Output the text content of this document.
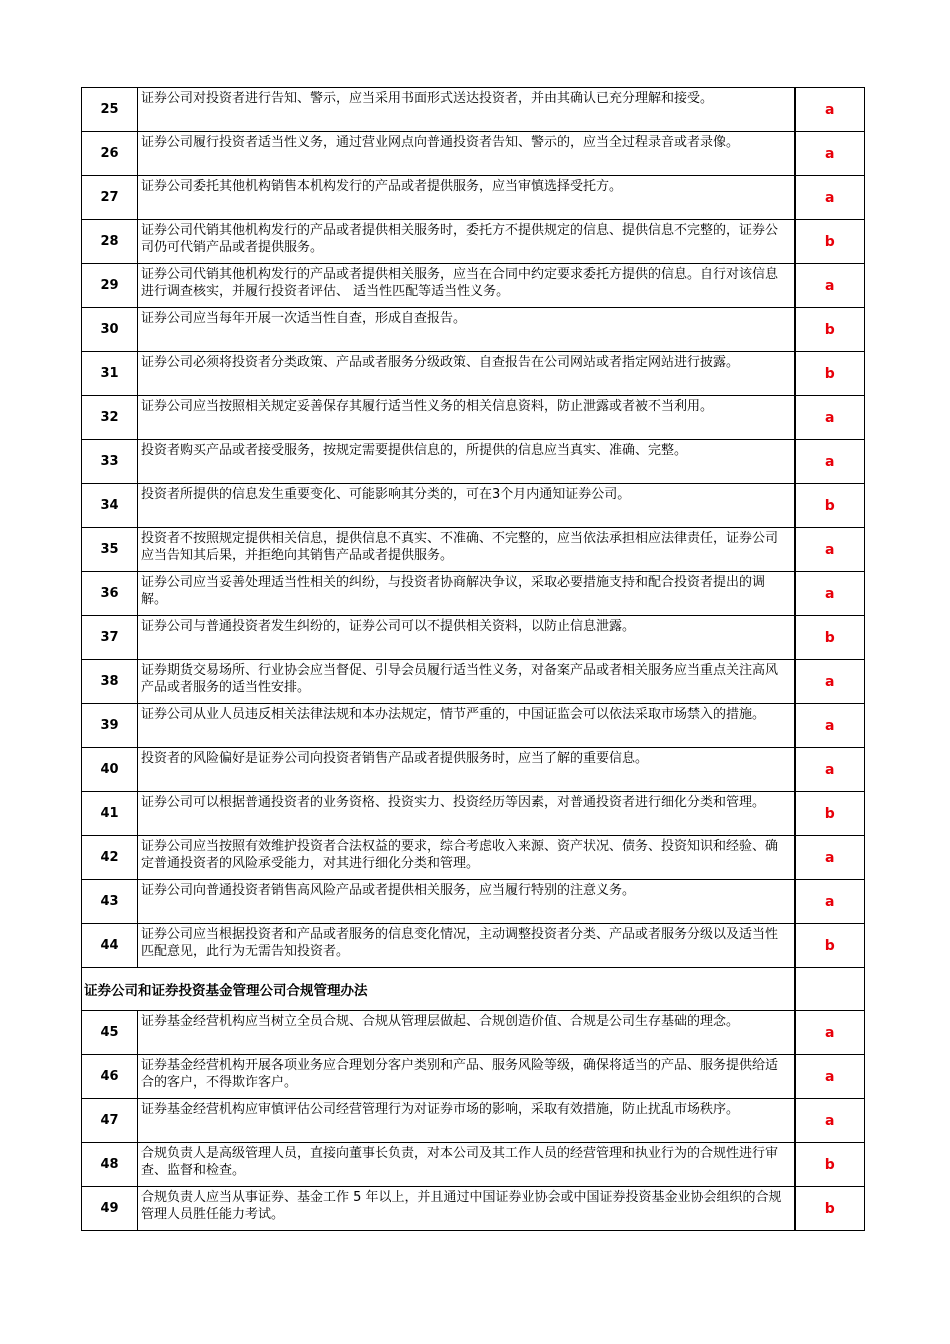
25	证券公司对投资者进行告知、警示，应当采用书面形式送达投资者，并由其确认已充分理解和接受。	a
26	证券公司履行投资者适当性义务，通过营业网点向普通投资者告知、警示的，应当全过程录音或者录像。	a
27	证券公司委托其他机构销售本机构发行的产品或者提供服务，应当审慎选择受托方。	a
28	证券公司代销其他机构发行的产品或者提供相关服务时，委托方不提供规定的信息、提供信息不完整的，证券公司仍可代销产品或者提供服务。	b
29	证券公司代销其他机构发行的产品或者提供相关服务，应当在合同中约定要求委托方提供的信息。自行对该信息进行调查核实，并履行投资者评估、 适当性匹配等适当性义务。	a
30	证券公司应当每年开展一次适当性自查，形成自查报告。	b
31	证券公司必须将投资者分类政策、产品或者服务分级政策、自查报告在公司网站或者指定网站进行披露。	b
32	证券公司应当按照相关规定妥善保存其履行适当性义务的相关信息资料，防止泄露或者被不当利用。	a
33	投资者购买产品或者接受服务，按规定需要提供信息的，所提供的信息应当真实、准确、完整。	a
34	投资者所提供的信息发生重要变化、可能影响其分类的，可在3个月内通知证券公司。	b
35	投资者不按照规定提供相关信息，提供信息不真实、不准确、不完整的，应当依法承担相应法律责任，证券公司应当告知其后果，并拒绝向其销售产品或者提供服务。	a
36	证券公司应当妥善处理适当性相关的纠纷，与投资者协商解决争议，采取必要措施支持和配合投资者提出的调解。	a
37	证券公司与普通投资者发生纠纷的，证券公司可以不提供相关资料，以防止信息泄露。	b
38	证券期货交易场所、行业协会应当督促、引导会员履行适当性义务，对备案产品或者相关服务应当重点关注高风 产品或者服务的适当性安排。	a
39	证券公司从业人员违反相关法律法规和本办法规定，情节严重的，中国证监会可以依法采取市场禁入的措施。	a
40	投资者的风险偏好是证券公司向投资者销售产品或者提供服务时，应当了解的重要信息。	a
41	证券公司可以根据普通投资者的业务资格、投资实力、投资经历等因素，对普通投资者进行细化分类和管理。	b
42	证券公司应当按照有效维护投资者合法权益的要求，综合考虑收入来源、资产状况、债务、投资知识和经验、确定普通投资者的风险承受能力，对其进行细化分类和管理。	a
43	证券公司向普通投资者销售高风险产品或者提供相关服务，应当履行特别的注意义务。	a
44	证券公司应当根据投资者和产品或者服务的信息变化情况，主动调整投资者分类、产品或者服务分级以及适当性匹配意见，此行为无需告知投资者。	b
证券公司和证券投资基金管理公司合规管理办法		
45	证券基金经营机构应当树立全员合规、合规从管理层做起、合规创造价值、合规是公司生存基础的理念。	a
46	证券基金经营机构开展各项业务应合理划分客户类别和产品、服务风险等级，确保将适当的产品、服务提供给适合的客户，不得欺诈客户。	a
47	证券基金经营机构应审慎评估公司经营管理行为对证券市场的影响，采取有效措施，防止扰乱市场秩序。	a
48	合规负责人是高级管理人员，直接向董事长负责，对本公司及其工作人员的经营管理和执业行为的合规性进行审查、监督和检查。	b
49	合规负责人应当从事证券、基金工作 5 年以上，并且通过中国证券业协会或中国证券投资基金业协会组织的合规管理人员胜任能力考试。	b
